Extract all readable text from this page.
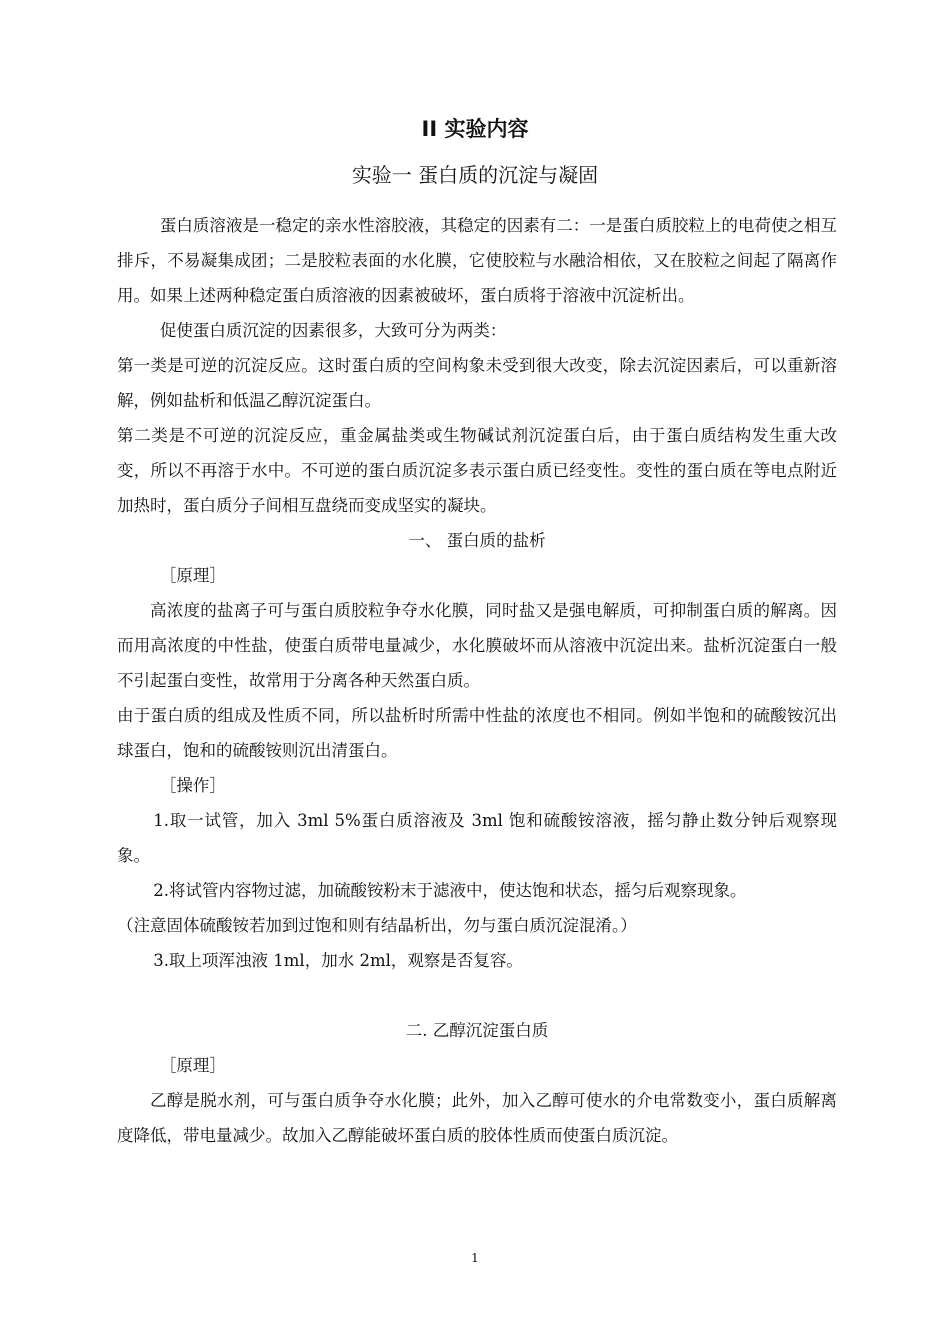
II 实验内容
实验一 蛋白质的沉淀与凝固

蛋白质溶液是一稳定的亲水性溶胶液，其稳定的因素有二：一是蛋白质胶粒上的电荷使之相互排斥，不易凝集成团；二是胶粒表面的水化膜，它使胶粒与水融洽相依，又在胶粒之间起了隔离作用。如果上述两种稳定蛋白质溶液的因素被破坏，蛋白质将于溶液中沉淀析出。

促使蛋白质沉淀的因素很多，大致可分为两类：

第一类是可逆的沉淀反应。这时蛋白质的空间构象未受到很大改变，除去沉淀因素后，可以重新溶解，例如盐析和低温乙醇沉淀蛋白。

第二类是不可逆的沉淀反应，重金属盐类或生物碱试剂沉淀蛋白后，由于蛋白质结构发生重大改变，所以不再溶于水中。不可逆的蛋白质沉淀多表示蛋白质已经变性。变性的蛋白质在等电点附近加热时，蛋白质分子间相互盘绕而变成坚实的凝块。

一、 蛋白质的盐析

［原理］

高浓度的盐离子可与蛋白质胶粒争夺水化膜，同时盐又是强电解质，可抑制蛋白质的解离。因而用高浓度的中性盐，使蛋白质带电量减少，水化膜破坏而从溶液中沉淀出来。盐析沉淀蛋白一般不引起蛋白变性，故常用于分离各种天然蛋白质。

由于蛋白质的组成及性质不同，所以盐析时所需中性盐的浓度也不相同。例如半饱和的硫酸铵沉出球蛋白，饱和的硫酸铵则沉出清蛋白。

［操作］

1.取一试管，加入 3ml 5%蛋白质溶液及 3ml 饱和硫酸铵溶液，摇匀静止数分钟后观察现象。

2.将试管内容物过滤，加硫酸铵粉末于滤液中，使达饱和状态，摇匀后观察现象。

（注意固体硫酸铵若加到过饱和则有结晶析出，勿与蛋白质沉淀混淆。）

3.取上项浑浊液 1ml，加水 2ml，观察是否复容。

二. 乙醇沉淀蛋白质

［原理］

乙醇是脱水剂，可与蛋白质争夺水化膜；此外，加入乙醇可使水的介电常数变小，蛋白质解离度降低，带电量减少。故加入乙醇能破坏蛋白质的胶体性质而使蛋白质沉淀。

1
